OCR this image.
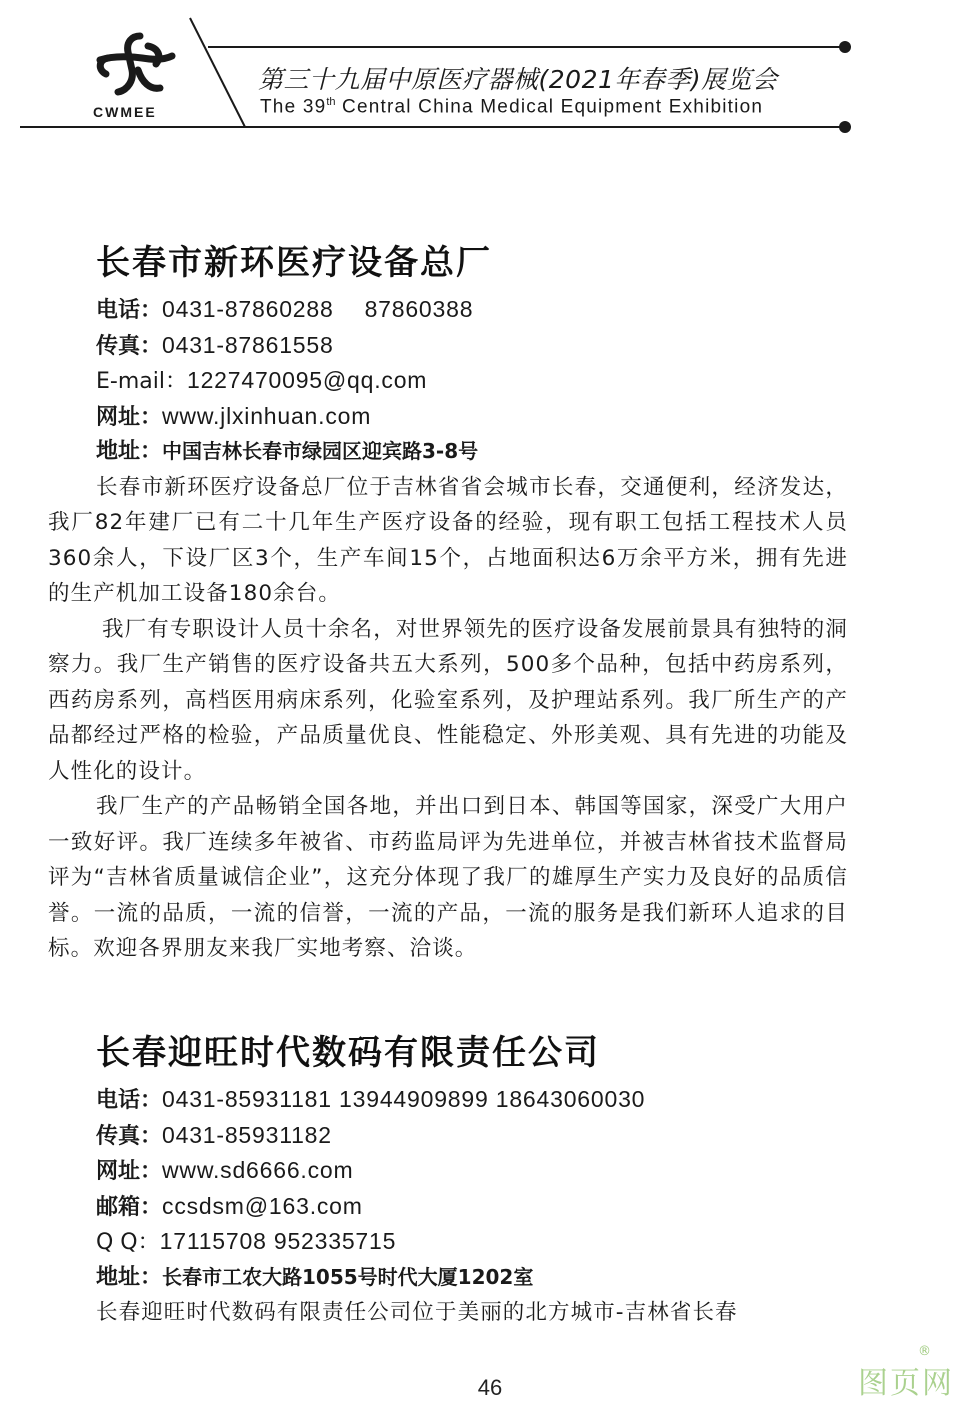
CWMEE
第三十九届中原医疗器械(2021年春季)展览会
The 39th Central China Medical Equipment Exhibition
长春市新环医疗设备总厂
电话：0431-87860288　 87860388
传真：0431-87861558
E-mail：1227470095@qq.com
网址：www.jlxinhuan.com
地址：中国吉林长春市绿园区迎宾路3-8号

长春市新环医疗设备总厂位于吉林省省会城市长春，交通便利，经济发达，我厂82年建厂已有二十几年生产医疗设备的经验，现有职工包括工程技术人员360余人，下设厂区3个，生产车间15个，占地面积达6万余平方米，拥有先进的生产机加工设备180余台。

我厂有专职设计人员十余名，对世界领先的医疗设备发展前景具有独特的洞察力。我厂生产销售的医疗设备共五大系列，500多个品种，包括中药房系列，西药房系列，高档医用病床系列，化验室系列，及护理站系列。我厂所生产的产品都经过严格的检验，产品质量优良、性能稳定、外形美观、具有先进的功能及人性化的设计。

我厂生产的产品畅销全国各地，并出口到日本、韩国等国家，深受广大用户一致好评。我厂连续多年被省、市药监局评为先进单位，并被吉林省技术监督局评为“吉林省质量诚信企业”，这充分体现了我厂的雄厚生产实力及良好的品质信誉。一流的品质，一流的信誉，一流的产品，一流的服务是我们新环人追求的目标。欢迎各界朋友来我厂实地考察、洽谈。

长春迎旺时代数码有限责任公司
电话：0431-85931181 13944909899 18643060030
传真：0431-85931182
网址：www.sd6666.com
邮箱：ccsdsm@163.com
Q Q：17115708 952335715
地址：长春市工农大路1055号时代大厦1202室

长春迎旺时代数码有限责任公司位于美丽的北方城市-吉林省长春

46	图页网
®
